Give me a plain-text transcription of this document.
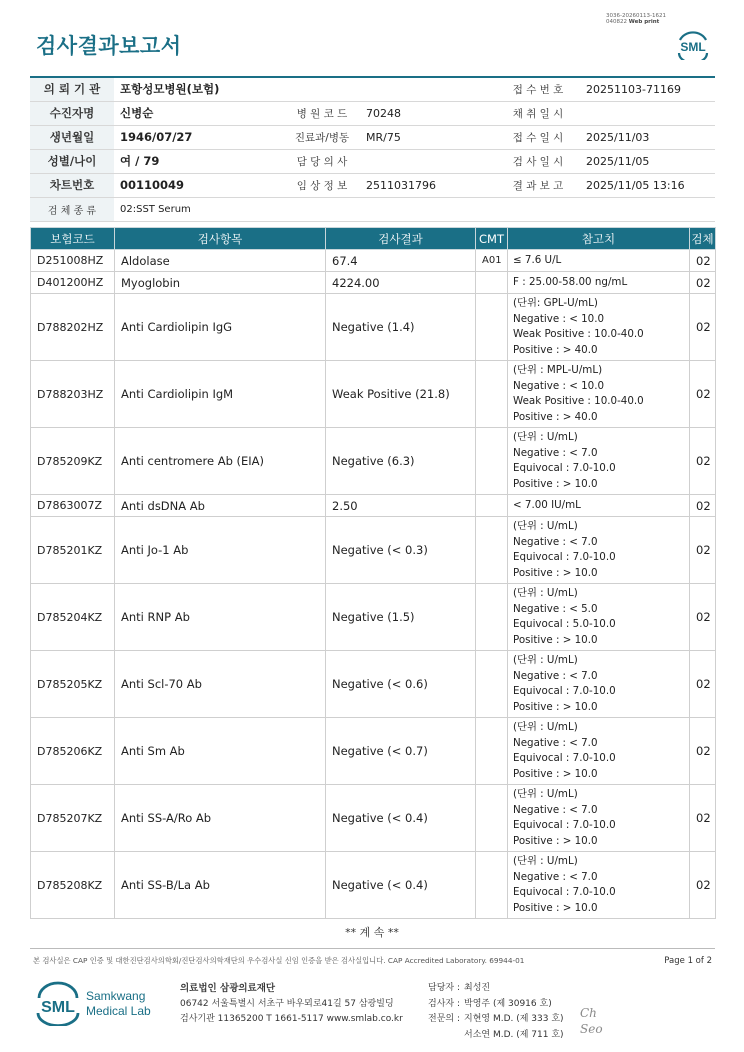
3036-20260113-1621
040822 Web print
검사결과보고서	SML
의 뢰 기 관	포항성모병원(보험)			접 수 번 호	20251103-71169
수진자명	신병순	병 원 코 드	70248	채 취 일 시	
생년월일	1946/07/27	진료과/병동	MR/75	접 수 일 시	2025/11/03
성별/나이	여 / 79	담 당 의 사		검 사 일 시	2025/11/05
차트번호	00110049	임 상 정 보	2511031796	결 과 보 고	2025/11/05 13:16
검 체 종 류	02:SST Serum				
보험코드	검사항목	검사결과	CMT	참고치	검체
D251008HZ	Aldolase	67.4	A01	≤ 7.6 U/L	02
D401200HZ	Myoglobin	4224.00		F : 25.00-58.00 ng/mL	02
D788202HZ	Anti Cardiolipin IgG	Negative (1.4)		(단위: GPL-U/mL)
Negative : < 10.0
Weak Positive : 10.0-40.0
Positive : > 40.0	02
D788203HZ	Anti Cardiolipin IgM	Weak Positive (21.8)		(단위 : MPL-U/mL)
Negative : < 10.0
Weak Positive : 10.0-40.0
Positive : > 40.0	02
D785209KZ	Anti centromere Ab (EIA)	Negative (6.3)		(단위 : U/mL)
Negative : < 7.0
Equivocal : 7.0-10.0
Positive : > 10.0	02
D7863007Z	Anti dsDNA Ab	2.50		< 7.00 IU/mL	02
D785201KZ	Anti Jo-1 Ab	Negative (< 0.3)		(단위 : U/mL)
Negative : < 7.0
Equivocal : 7.0-10.0
Positive : > 10.0	02
D785204KZ	Anti RNP Ab	Negative (1.5)		(단위 : U/mL)
Negative : < 5.0
Equivocal : 5.0-10.0
Positive : > 10.0	02
D785205KZ	Anti Scl-70 Ab	Negative (< 0.6)		(단위 : U/mL)
Negative : < 7.0
Equivocal : 7.0-10.0
Positive : > 10.0	02
D785206KZ	Anti Sm Ab	Negative (< 0.7)		(단위 : U/mL)
Negative : < 7.0
Equivocal : 7.0-10.0
Positive : > 10.0	02
D785207KZ	Anti SS-A/Ro Ab	Negative (< 0.4)		(단위 : U/mL)
Negative : < 7.0
Equivocal : 7.0-10.0
Positive : > 10.0	02
D785208KZ	Anti SS-B/La Ab	Negative (< 0.4)		(단위 : U/mL)
Negative : < 7.0
Equivocal : 7.0-10.0
Positive : > 10.0	02
** 계 속 **
본 검사실은 CAP 인증 및 대한진단검사의학회/진단검사의학재단의 우수검사실 신임 인증을 받은 검사실입니다. CAP Accredited Laboratory. 69944-01	Page 1 of 2
SML
Samkwang
Medical Lab
의료법인 삼광의료재단
06742 서울특별시 서초구 바우뫼로41길 57 삼광빌딩
검사기관 11365200 T 1661-5117 www.smlab.co.kr
담당자 : 최성진
검사자 : 박영주 (제 30916 호)
전문의 : 지현영 M.D. (제 333 호)
서소연 M.D. (제 711 호)
Ch
Seo
